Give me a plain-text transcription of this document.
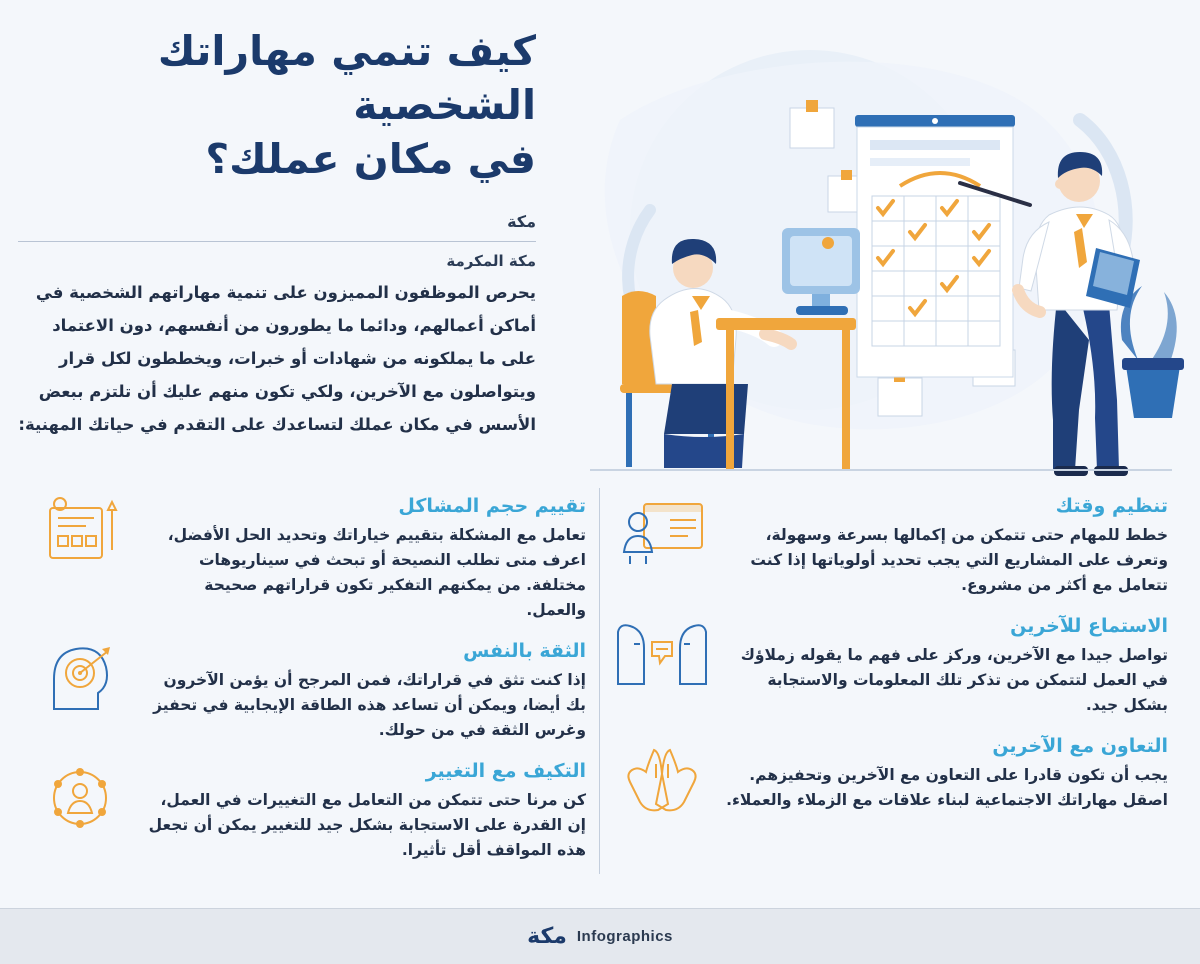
كيف تنمي مهاراتك الشخصية
في مكان عملك؟
مكة
مكة المكرمة
يحرص الموظفون المميزون على تنمية مهاراتهم الشخصية في أماكن أعمالهم، ودائما ما يطورون من أنفسهم، دون الاعتماد على ما يملكونه من شهادات أو خبرات، ويخططون لكل قرار ويتواصلون مع الآخرين، ولكي تكون منهم عليك أن تلتزم ببعض الأسس في مكان عملك لتساعدك على التقدم في حياتك المهنية:
تنظيم وقتك

خطط للمهام حتى تتمكن من إكمالها بسرعة وسهولة، وتعرف على المشاريع التي يجب تحديد أولوياتها إذا كنت تتعامل مع أكثر من مشروع.

الاستماع للآخرين

تواصل جيدا مع الآخرين، وركز على فهم ما يقوله زملاؤك في العمل لتتمكن من تذكر تلك المعلومات والاستجابة بشكل جيد.

التعاون مع الآخرين

يجب أن تكون قادرا على التعاون مع الآخرين وتحفيزهم. اصقل مهاراتك الاجتماعية لبناء علاقات مع الزملاء والعملاء.

تقييم حجم المشاكل

تعامل مع المشكلة بتقييم خياراتك وتحديد الحل الأفضل، اعرف متى تطلب النصيحة أو تبحث في سيناريوهات مختلفة. من يمكنهم التفكير تكون قراراتهم صحيحة والعمل.

الثقة بالنفس

إذا كنت تثق في قراراتك، فمن المرجح أن يؤمن الآخرون بك أيضا، ويمكن أن تساعد هذه الطاقة الإيجابية في تحفيز وغرس الثقة في من حولك.

التكيف مع التغيير

كن مرنا حتى تتمكن من التعامل مع التغييرات في العمل، إن القدرة على الاستجابة بشكل جيد للتغيير يمكن أن تجعل هذه المواقف أقل تأثيرا.

Infographics
مكة
